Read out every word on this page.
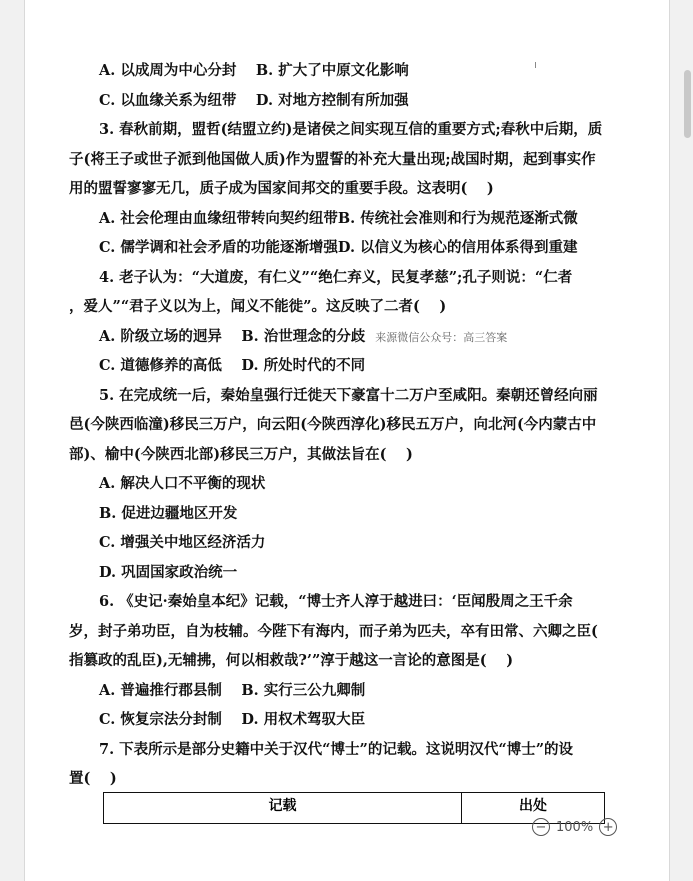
A. 以成周为中心分封　 B. 扩大了中原文化影响
C. 以血缘关系为纽带　 D. 对地方控制有所加强
3. 春秋前期，盟哲(结盟立约)是诸侯之间实现互信的重要方式;春秋中后期，质
子(将王子或世子派到他国做人质)作为盟誓的补充大量出现;战国时期，起到事实作
用的盟誓寥寥无几，质子成为国家间邦交的重要手段。这表明(　 )
A. 社会伦理由血缘纽带转向契约纽带B. 传统社会准则和行为规范逐渐式微
C. 儒学调和社会矛盾的功能逐渐增强D. 以信义为核心的信用体系得到重建
4. 老子认为：“大道废，有仁义”“绝仁弃义，民复孝慈”;孔子则说：“仁者
，爱人”“君子义以为上，闻义不能徙”。这反映了二者(　 )
A. 阶级立场的迥异　 B. 治世理念的分歧 来源微信公众号：高三答案
C. 道德修养的高低　 D. 所处时代的不同
5. 在完成统一后，秦始皇强行迁徙天下豪富十二万户至咸阳。秦朝还曾经向丽
邑(今陕西临潼)移民三万户，向云阳(今陕西淳化)移民五万户，向北河(今内蒙古中
部)、榆中(今陕西北部)移民三万户，其做法旨在(　 )
A. 解决人口不平衡的现状
B. 促进边疆地区开发
C. 增强关中地区经济活力
D. 巩固国家政治统一
6. 《史记·秦始皇本纪》记载，“博士齐人淳于越进曰：‘臣闻殷周之王千余
岁，封子弟功臣，自为枝辅。今陛下有海内，而子弟为匹夫，卒有田常、六卿之臣(
指篡政的乱臣),无辅拂，何以相救哉?’”淳于越这一言论的意图是(　 )
A. 普遍推行郡县制　 B. 实行三公九卿制
C. 恢复宗法分封制　 D. 用权术驾驭大臣
7. 下表所示是部分史籍中关于汉代“博士”的记载。这说明汉代“博士”的设
置(　 )
记载	出处
− 100% +
